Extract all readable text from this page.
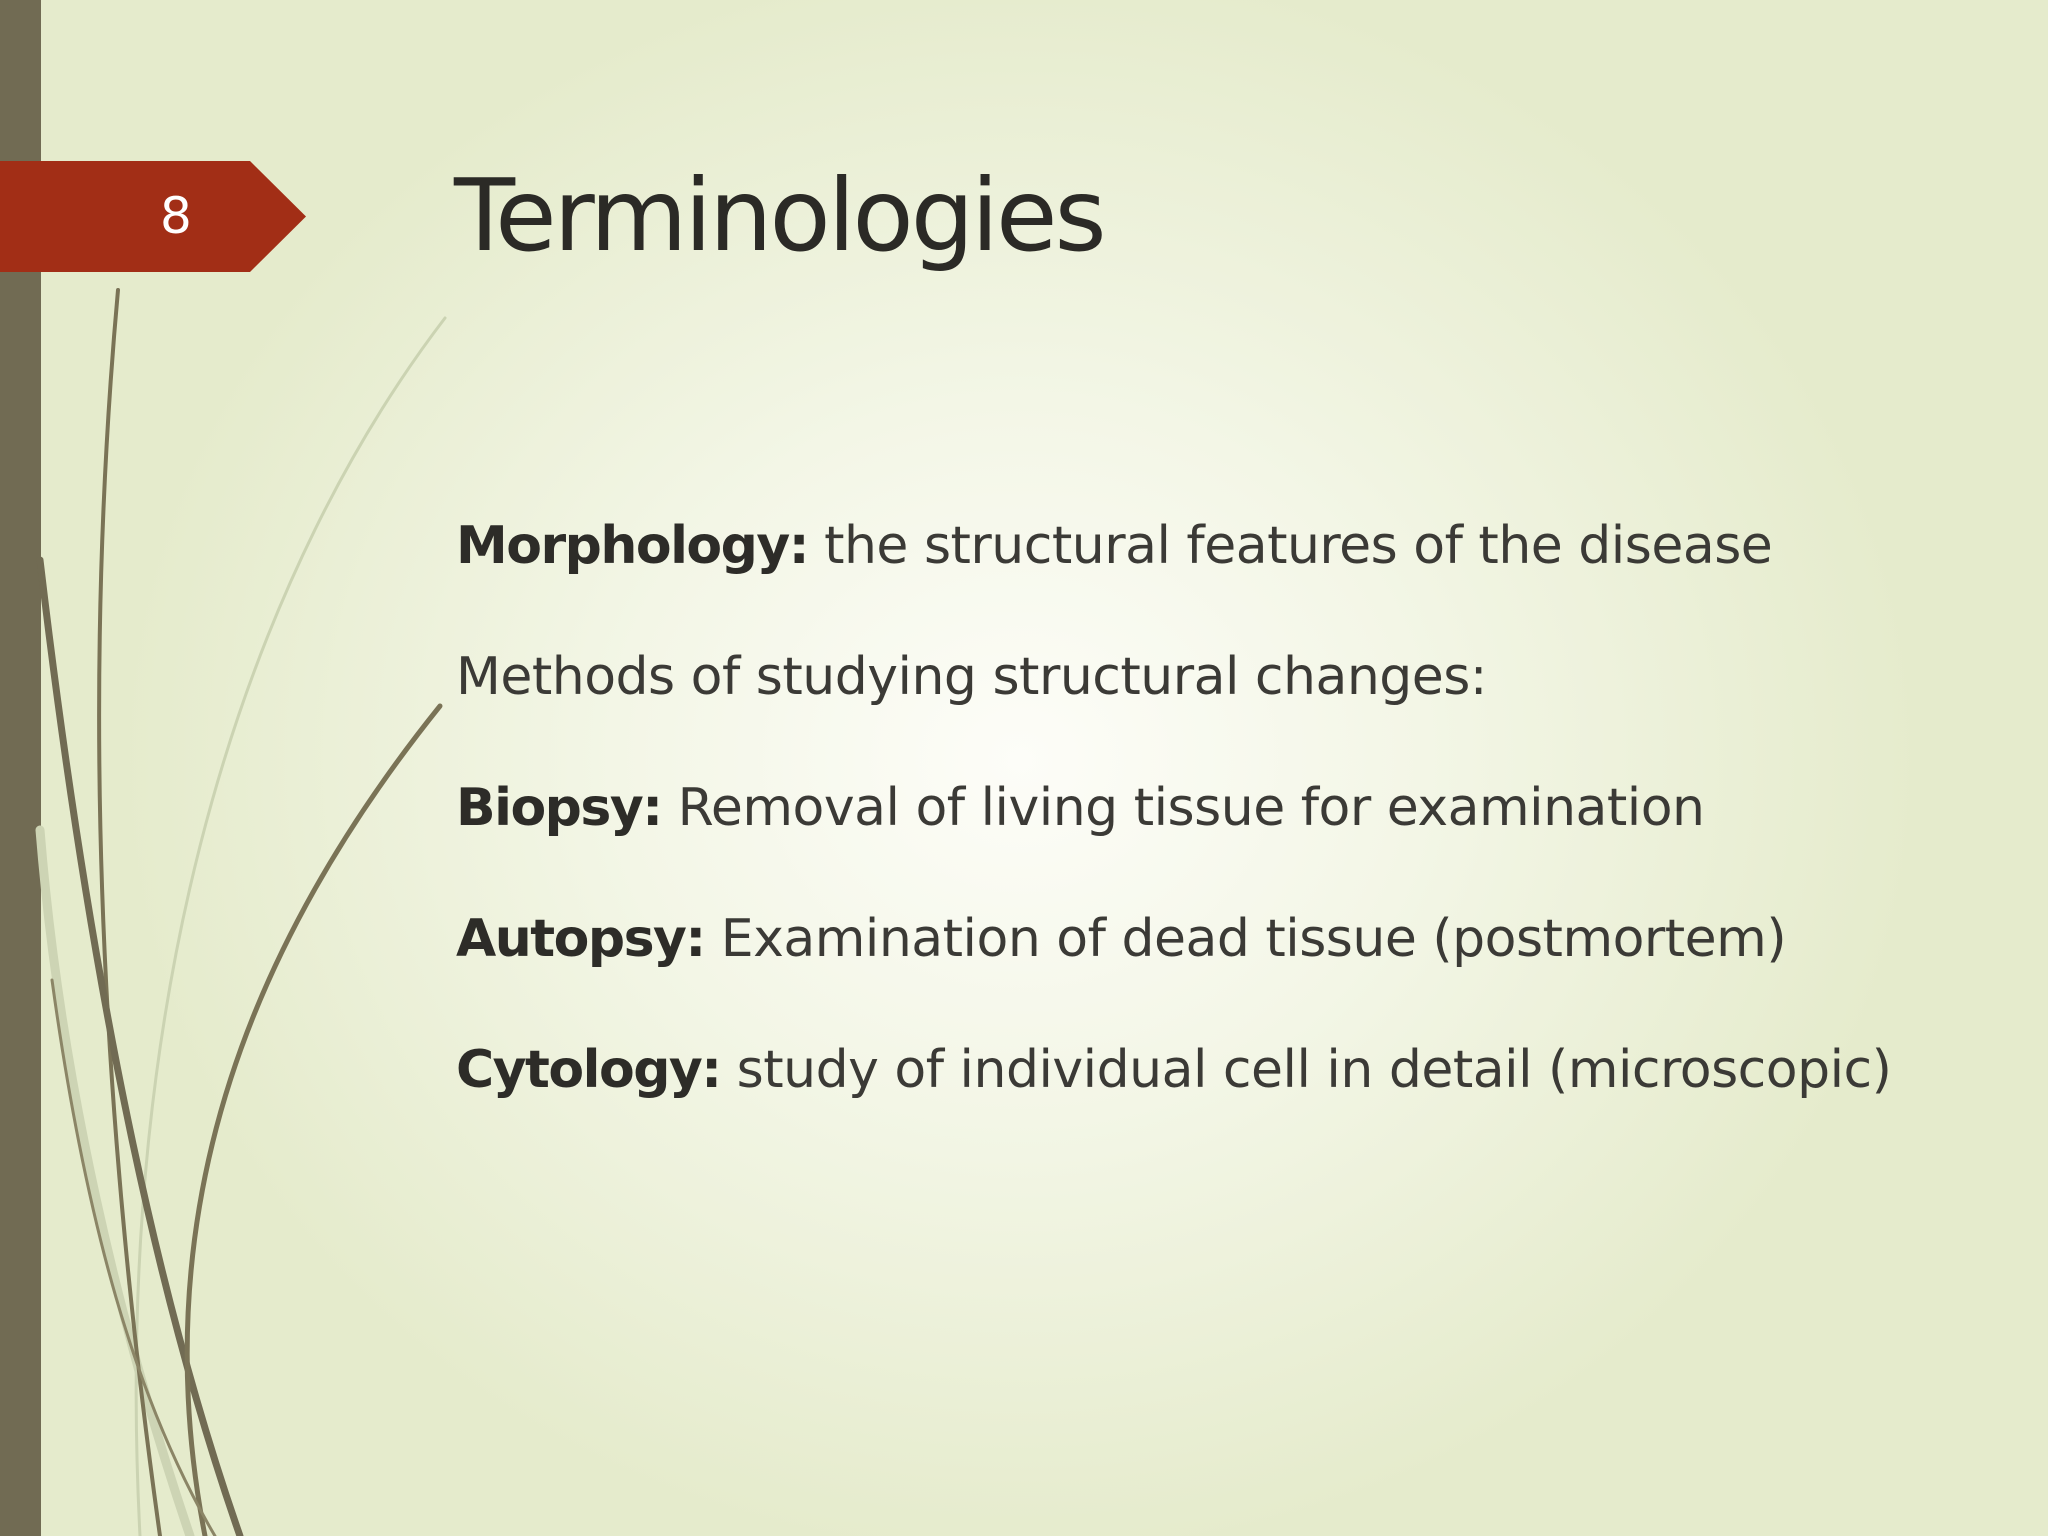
8	Terminologies
Morphology: the structural features of the disease
Methods of studying structural changes:
Biopsy: Removal of living tissue for examination
Autopsy: Examination of dead tissue (postmortem)
Cytology: study of individual cell in detail (microscopic)
